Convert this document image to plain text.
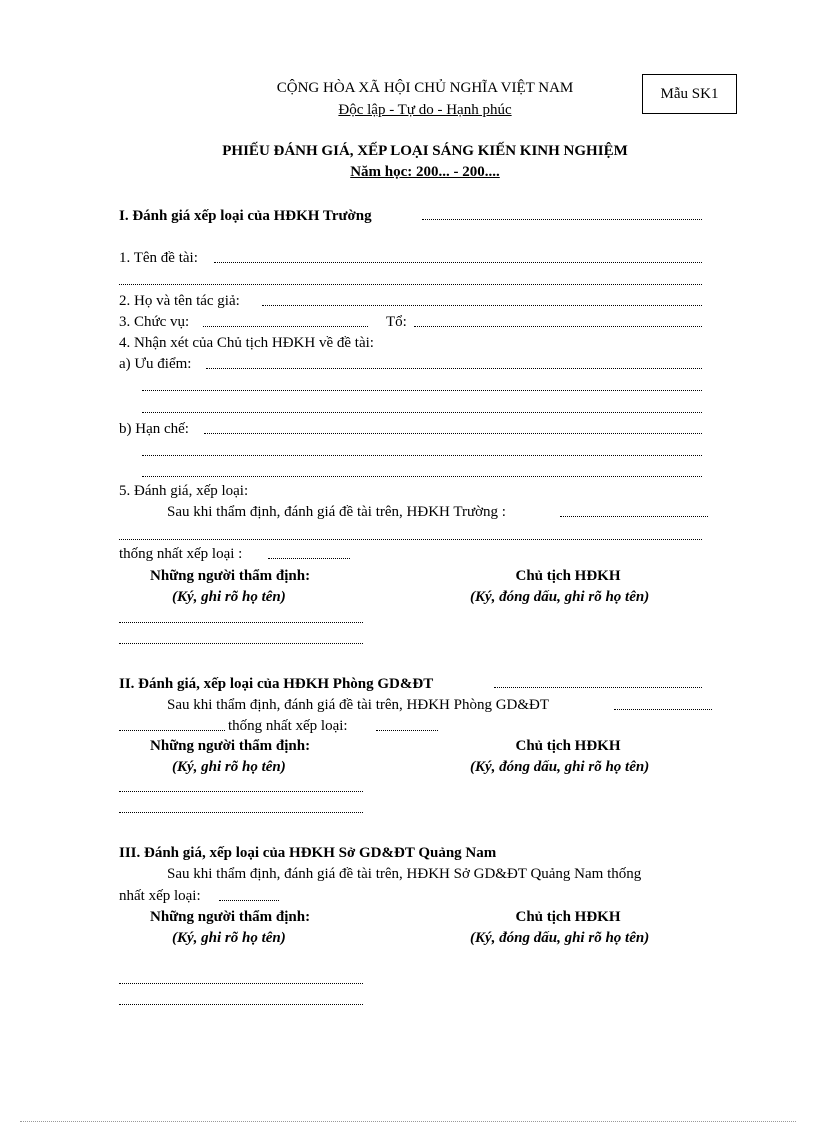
CỘNG HÒA XÃ HỘI CHỦ NGHĨA VIỆT NAM
Độc lập - Tự do - Hạnh phúc
Mẫu SK1
PHIẾU ĐÁNH GIÁ, XẾP LOẠI SÁNG KIẾN KINH NGHIỆM
Năm học: 200... - 200....
I. Đánh giá xếp loại của HĐKH Trường
1. Tên đề tài:
2. Họ và tên tác giả:
3. Chức vụ:	Tổ:
4. Nhận xét của Chủ tịch HĐKH về đề tài:
a) Ưu điểm:
b) Hạn chế:
5. Đánh giá, xếp loại:
Sau khi thẩm định, đánh giá đề tài trên, HĐKH Trường :
thống nhất xếp loại :
Những người thẩm định:	Chủ tịch HĐKH
(Ký, ghi rõ họ tên)	(Ký, đóng dấu, ghi rõ họ tên)
II. Đánh giá, xếp loại của HĐKH Phòng GD&ĐT
Sau khi thẩm định, đánh giá đề tài trên, HĐKH Phòng GD&ĐT
thống nhất xếp loại:
Những người thẩm định:	Chủ tịch HĐKH
(Ký, ghi rõ họ tên)	(Ký, đóng dấu, ghi rõ họ tên)
III. Đánh giá, xếp loại của HĐKH Sở GD&ĐT Quảng Nam
Sau khi thẩm định, đánh giá đề tài trên, HĐKH Sở GD&ĐT Quảng Nam thống
nhất xếp loại:
Những người thẩm định:	Chủ tịch HĐKH
(Ký, ghi rõ họ tên)	(Ký, đóng dấu, ghi rõ họ tên)
